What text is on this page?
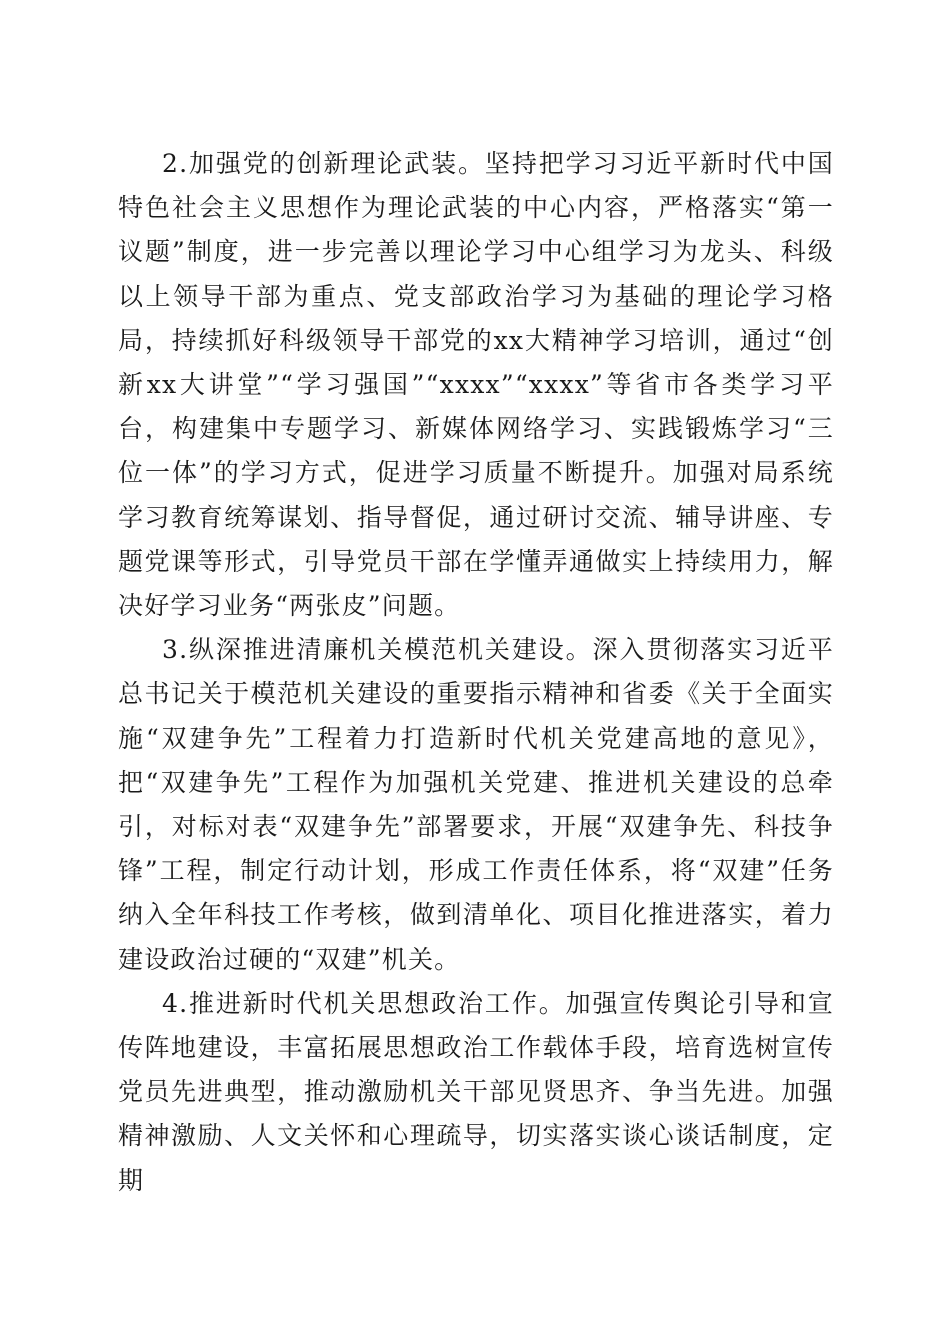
2.加强党的创新理论武装。坚持把学习习近平新时代中国特色社会主义思想作为理论武装的中心内容，严格落实“第一议题”制度，进一步完善以理论学习中心组学习为龙头、科级以上领导干部为重点、党支部政治学习为基础的理论学习格局，持续抓好科级领导干部党的xx大精神学习培训，通过“创新xx大讲堂”“学习强国”“xxxx”“xxxx”等省市各类学习平台，构建集中专题学习、新媒体网络学习、实践锻炼学习“三位一体”的学习方式，促进学习质量不断提升。加强对局系统学习教育统筹谋划、指导督促，通过研讨交流、辅导讲座、专题党课等形式，引导党员干部在学懂弄通做实上持续用力，解决好学习业务“两张皮”问题。

3.纵深推进清廉机关模范机关建设。深入贯彻落实习近平总书记关于模范机关建设的重要指示精神和省委《关于全面实施“双建争先”工程着力打造新时代机关党建高地的意见》，把“双建争先”工程作为加强机关党建、推进机关建设的总牵引，对标对表“双建争先”部署要求，开展“双建争先、科技争锋”工程，制定行动计划，形成工作责任体系，将“双建”任务纳入全年科技工作考核，做到清单化、项目化推进落实，着力建设政治过硬的“双建”机关。

4.推进新时代机关思想政治工作。加强宣传舆论引导和宣传阵地建设，丰富拓展思想政治工作载体手段，培育选树宣传党员先进典型，推动激励机关干部见贤思齐、争当先进。加强精神激励、人文关怀和心理疏导，切实落实谈心谈话制度，定期
